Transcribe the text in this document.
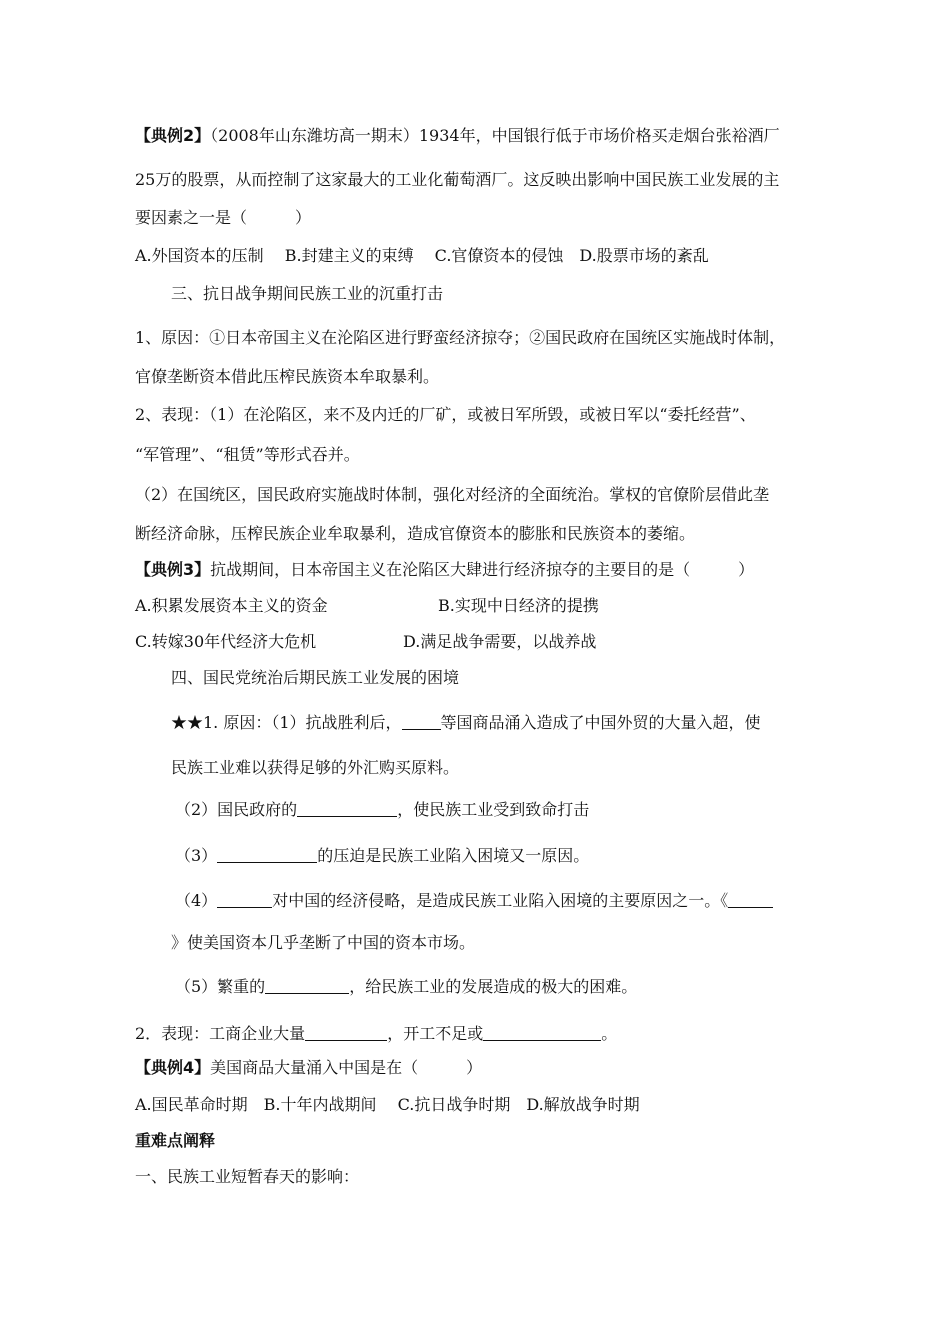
【典例2】（2008年山东潍坊高一期末）1934年，中国银行低于市场价格买走烟台张裕酒厂
25万的股票，从而控制了这家最大的工业化葡萄酒厂。这反映出影响中国民族工业发展的主
要因素之一是（　　　）
A.外国资本的压制　 B.封建主义的束缚　 C.官僚资本的侵蚀　D.股票市场的紊乱
三、抗日战争期间民族工业的沉重打击
1、原因：①日本帝国主义在沦陷区进行野蛮经济掠夺；②国民政府在国统区实施战时体制，
官僚垄断资本借此压榨民族资本牟取暴利。
2、表现：（1）在沦陷区，来不及内迁的厂矿，或被日军所毁，或被日军以“委托经营”、
“军管理”、“租赁”等形式吞并。
（2）在国统区，国民政府实施战时体制，强化对经济的全面统治。掌权的官僚阶层借此垄
断经济命脉，压榨民族企业牟取暴利，造成官僚资本的膨胀和民族资本的萎缩。
【典例3】抗战期间，日本帝国主义在沦陷区大肆进行经济掠夺的主要目的是（　　　）
A.积累发展资本主义的资金	B.实现中日经济的提携
C.转嫁30年代经济大危机	D.满足战争需要，以战养战
四、国民党统治后期民族工业发展的困境
★★1. 原因：（1）抗战胜利后， 等国商品涌入造成了中国外贸的大量入超，使
民族工业难以获得足够的外汇购买原料。
（2）国民政府的	，使民族工业受到致命打击
（3）	的压迫是民族工业陷入困境又一原因。
（4）	对中国的经济侵略，是造成民族工业陷入困境的主要原因之一。《
》使美国资本几乎垄断了中国的资本市场。
（5）繁重的	，给民族工业的发展造成的极大的困难。
2．表现：工商企业大量	，开工不足或	。
【典例4】美国商品大量涌入中国是在（　　　）
A.国民革命时期　B.十年内战期间　 C.抗日战争时期　D.解放战争时期
重难点阐释
一、民族工业短暂春天的影响：
